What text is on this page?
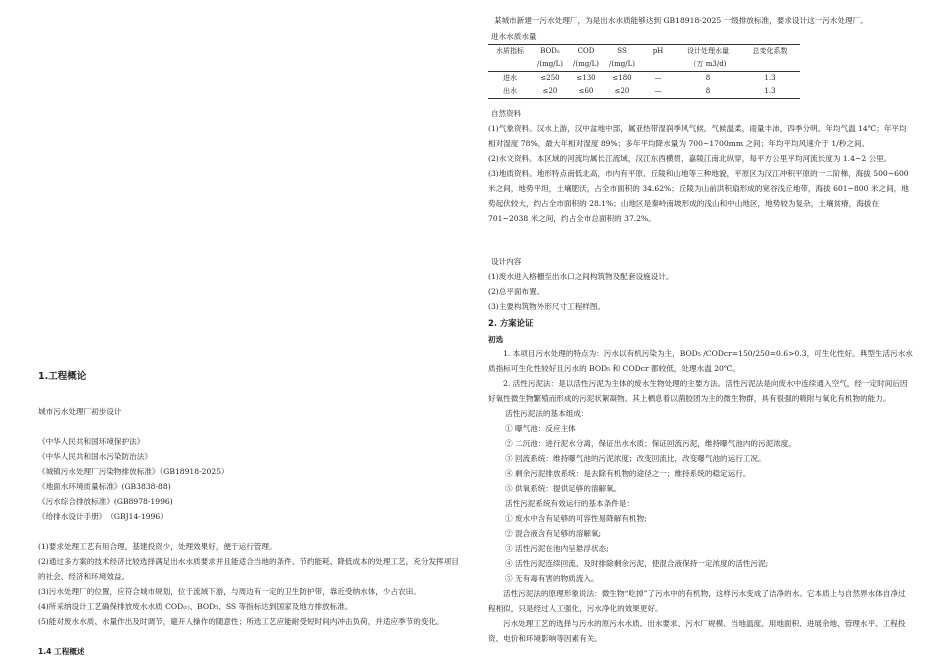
1.工程概论
城市污水处理厂初步设计
《中华人民共和国环境保护法》
《中华人民共和国水污染防治法》
《城镇污水处理厂污染物排放标准》（GB18918-2025）
《地面水环境质量标准》(GB3838-88)
《污水综合排放标准》(GB8978-1996)
《给排水设计手册》　（GBJ14-1996）
(1)要求处理工艺有用合理，基建投资少，处理效果好，便于运行管理。
(2)通过多方案的技术经济比较选择满足出水水质要求并且能适合当地的条件、节约能耗、降低成本的处理工艺，充分发挥项目的社会、经济和环境效益。
(3)污水处理厂的位置，应符合城市规划，位于流域下游，与周边有一定的卫生防护带，靠近受纳水体，少占农田。
(4)所采纳设计工艺确保排放废水水质 COD₍ᵣ₎、BOD₅、SS 等指标达到国家及地方排放标准。
(5)能对废水水质、水量作出及时调节，避开人操作的随意性；所选工艺应能耐受短时间内冲击负荷，并适应季节的变化。
1.4 工程概述
某城市新建一污水处理厂，为是出水水质能够达到 GB18918-2025 一级排放标准，要求设计这一污水处理厂。
进水水质水量
水质指标	BOD₅	COD	SS	pH	设计处理水量	总变化系数
	/(mg/L)	/(mg/L)	/(mg/L)		（万 m3/d)	
进水	≤250	≤130	≤180	—	8	1.3
出水	≤20	≤60	≤20	—	8	1.3
自然资料
(1)气象资料。汉水上游，汉中盆地中部，属亚热带湿润季风气候。气候温柔，雨量丰沛，四季分明。年均气温 14℃；年平均相对湿度 78%，最大年相对湿度 89%；多年平均降水量为 700~1700mm 之间；年均平均风速介于 1/秒之间。
(2)水文资料。本区域的河流均属长江流域，汉江东西横贯，嘉陵江南北纵穿，每平方公里平均河流长度为 1.4~2 公里。
(3)地质资料。地形特点南低北高，市内有平原、丘陵和山地等三种地貌，平原区为汉江冲积平原的一二阶梯，海拔 500~600 米之间，地势平坦，土壤肥沃，占全市面积的 34.62%；丘陵为山前洪积扇形成的宽谷浅丘地带，海拔 601~800 米之间，地势起伏较大，约占全市面积的 28.1%；山地区是秦岭南坡形成的浅山和中山地区，地势较为复杂，土壤贫瘠，海拔在 701~2038 米之间，约占全市总面积的 37.2%。
设计内容
(1)废水进入格栅至出水口之间构筑物及配套设施设计。
(2)总平面布置。
(3)主要构筑物外形尺寸工程样图。
2. 方案论证
初选
1. 本项目污水处理的特点为：污水以有机污染为主，BOD₅ /CODcr=150/250=0.6>0.3，可生化性好。典型生活污水水质指标可生化性较好且污水的 BOD₅ 和 CODcr 都较低，处理水温 20℃。
2. 活性污泥法：是以活性污泥为主体的废水生物处理的主要方法。活性污泥法是向废水中连续通入空气，经一定时间后因好氧性微生物繁殖而形成的污泥状絮凝物。其上栖息着以菌胶团为主的微生物群，具有很强的吸附与氧化有机物的能力。
活性污泥法的基本组成：
① 曝气池：反应主体
② 二沉池：进行泥水分离，保证出水水质；保证回流污泥，维持曝气池内的污泥浓度。
③ 回流系统：维持曝气池的污泥浓度；改变回流比，改变曝气池的运行工况。
④ 剩余污泥排放系统：是去除有机物的途径之一；维持系统的稳定运行。
⑤ 供氧系统：提供足够的溶解氧。
活性污泥系统有效运行的基本条件是：
① 废水中含有足够的可容性易降解有机物;
② 混合液含有足够的溶解氧;
③ 活性污泥在池内呈悬浮状态;
④ 活性污泥连续回流、及时排除剩余污泥，使混合液保持一定浓度的活性污泥;
⑤ 无有毒有害的物质流入。
活性污泥法的原理形象说法：微生物“吃掉”了污水中的有机物，这样污水变成了洁净的水。它本质上与自然界水体自净过程相似，只是经过人工强化，污水净化的效果更好。
污水处理工艺的选择与污水的原污水水质、出水要求、污水厂规模、当地温度、用地面积、进展余地、管理水平、工程投资、电价和环境影响等因素有关。
